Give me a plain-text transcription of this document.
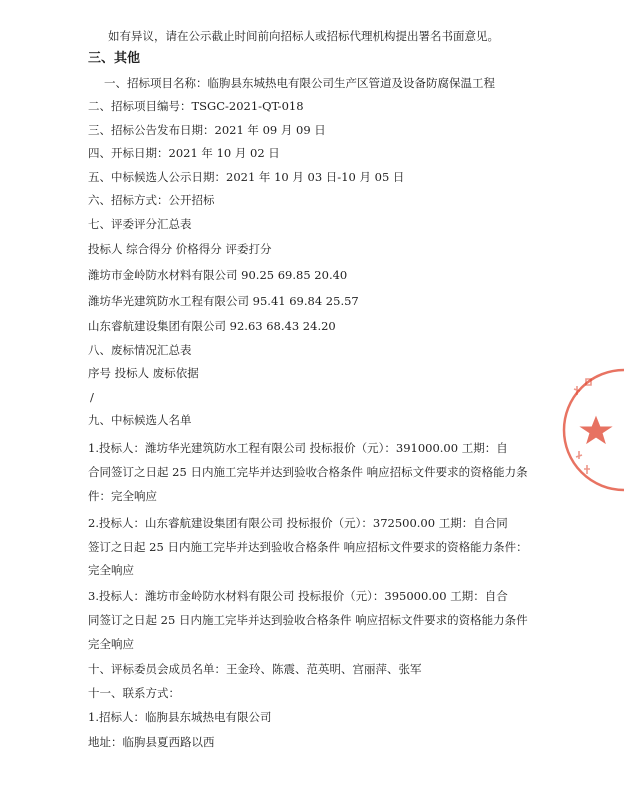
如有异议，请在公示截止时间前向招标人或招标代理机构提出署名书面意见。
三、其他
一、招标项目名称：临朐县东城热电有限公司生产区管道及设备防腐保温工程
二、招标项目编号：TSGC-2021-QT-018
三、招标公告发布日期：2021 年 09 月 09 日
四、开标日期：2021 年 10 月 02 日
五、中标候选人公示日期：2021 年 10 月 03 日-10 月 05 日
六、招标方式：公开招标
七、评委评分汇总表
投标人 综合得分 价格得分 评委打分
潍坊市金岭防水材料有限公司 90.25 69.85 20.40
潍坊华光建筑防水工程有限公司 95.41 69.84 25.57
山东睿航建设集团有限公司 92.63 68.43 24.20
八、废标情况汇总表
序号 投标人 废标依据
/
九、中标候选人名单
1.投标人：潍坊华光建筑防水工程有限公司 投标报价（元）：391000.00 工期：自
合同签订之日起 25 日内施工完毕并达到验收合格条件 响应招标文件要求的资格能力条
件：完全响应
2.投标人：山东睿航建设集团有限公司 投标报价（元）：372500.00 工期：自合同
签订之日起 25 日内施工完毕并达到验收合格条件 响应招标文件要求的资格能力条件：
完全响应
3.投标人：潍坊市金岭防水材料有限公司 投标报价（元）：395000.00 工期：自合
同签订之日起 25 日内施工完毕并达到验收合格条件 响应招标文件要求的资格能力条件
完全响应
十、评标委员会成员名单：王金玲、陈震、范英明、宫丽萍、张军
十一、联系方式：
1.招标人：临朐县东城热电有限公司
地址：临朐县夏西路以西
